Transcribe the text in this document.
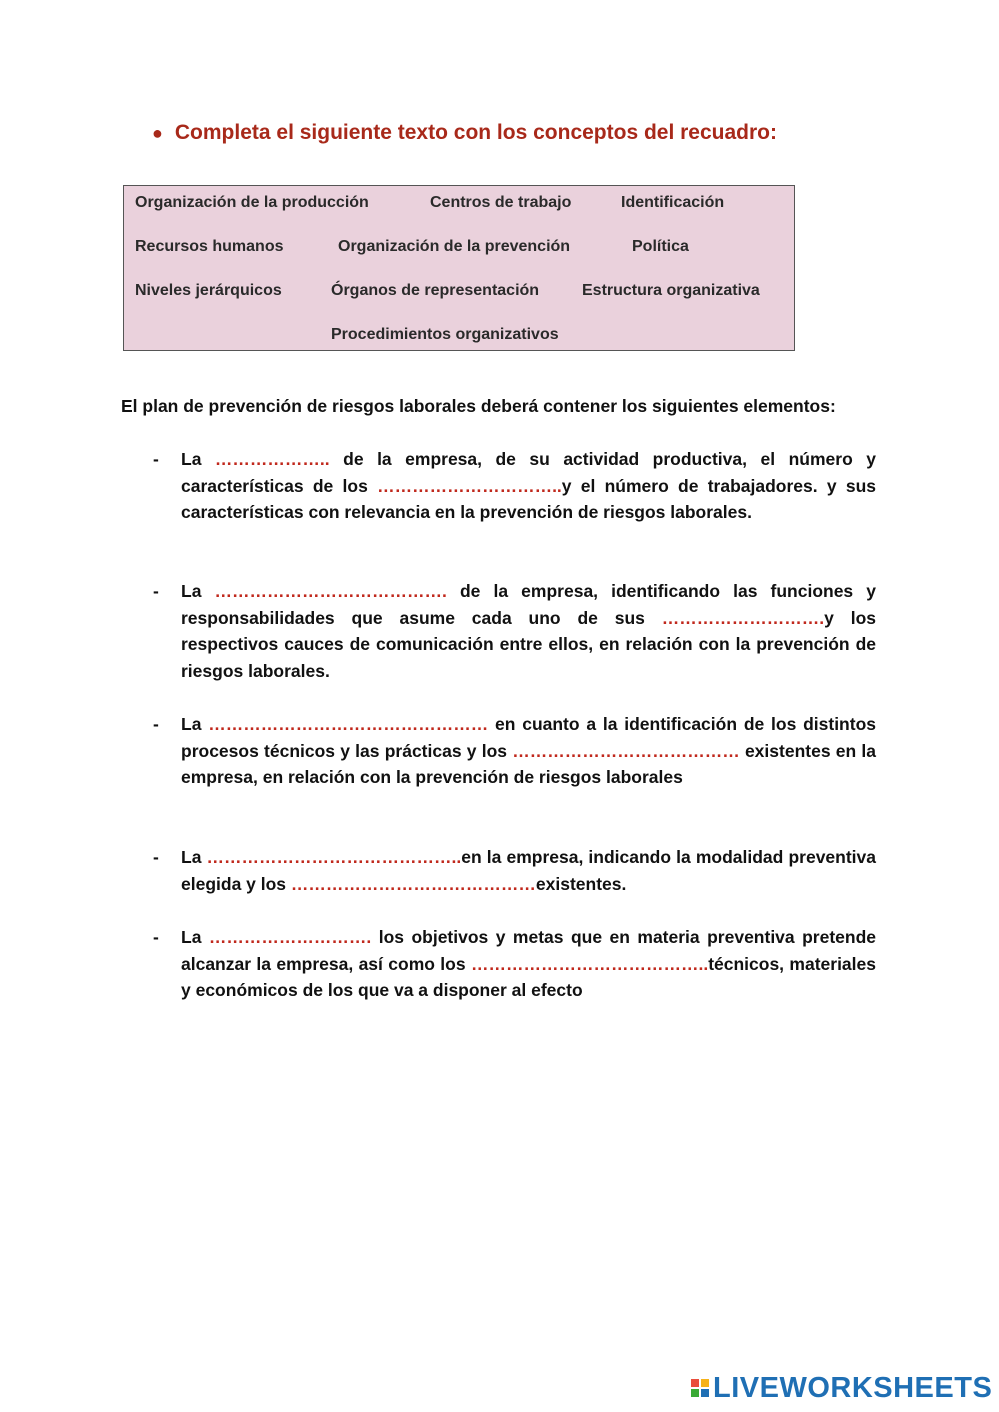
● Completa el siguiente texto con los conceptos del recuadro:
Organización de la producción	Centros de trabajo	Identificación
Recursos humanos	Organización de la prevención	Política
Niveles jerárquicos	Órganos de representación	Estructura organizativa
Procedimientos organizativos
El plan de prevención de riesgos laborales deberá contener los siguientes elementos:
- La ……………….. de la empresa, de su actividad productiva, el número y características de los …………………………..y el número de trabajadores. y sus características con relevancia en la prevención de riesgos laborales.
- La …………………………………. de la empresa, identificando las funciones y responsabilidades que asume cada uno de sus ……………………….y los respectivos cauces de comunicación entre ellos, en relación con la prevención de riesgos laborales.
- La ………………………………………… en cuanto a la identificación de los distintos procesos técnicos y las prácticas y los ………………………………… existentes en la empresa, en relación con la prevención de riesgos laborales
- La ……………………………………..en la empresa, indicando la modalidad preventiva elegida y los ……………………………………existentes.
- La ………………………. los objetivos y metas que en materia preventiva pretende alcanzar la empresa, así como los …………………………………..técnicos, materiales y económicos de los que va a disponer al efecto
LIVEWORKSHEETS
